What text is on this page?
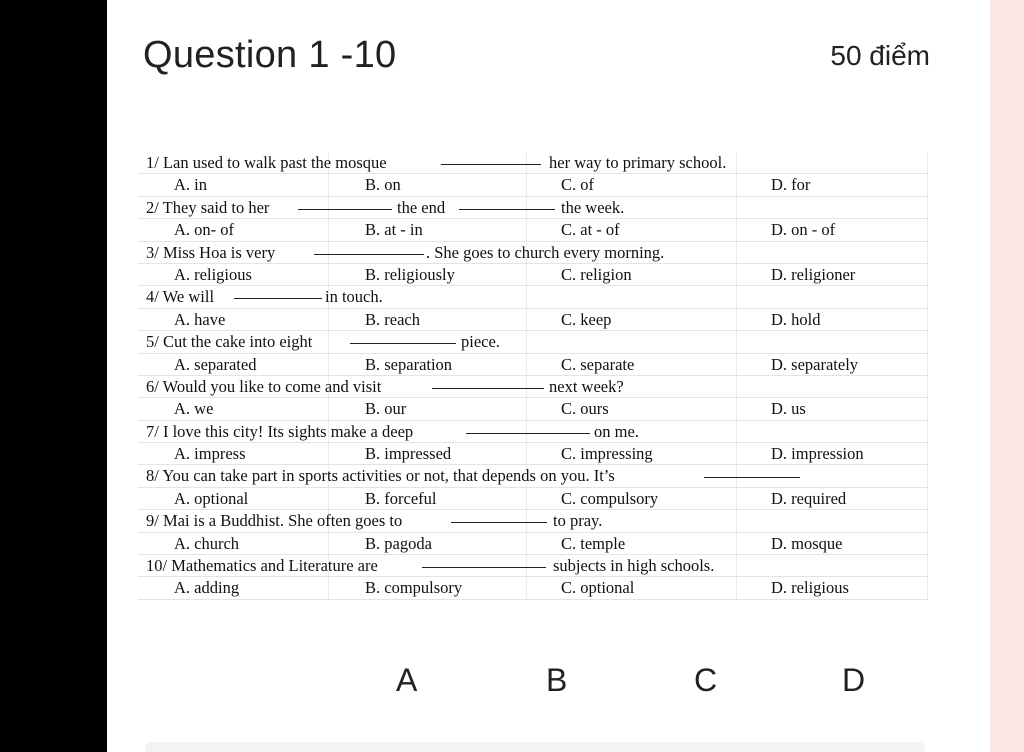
Question 1 -10	50 điểm
1/ Lan used to walk past the mosque	her way to primary school.
A. in	B. on	C. of	D. for
2/ They said to her	the end	the week.
A. on- of	B. at - in	C. at - of	D. on - of
3/ Miss Hoa is very	. She goes to church every morning.
A. religious	B. religiously	C. religion	D. religioner
4/ We will	in touch.
A. have	B. reach	C. keep	D. hold
5/ Cut the cake into eight	piece.
A. separated	B. separation	C. separate	D. separately
6/ Would you like to come and visit	next week?
A. we	B. our	C. ours	D. us
7/ I love this city! Its sights make a deep	on me.
A. impress	B. impressed	C. impressing	D. impression
8/ You can take part in sports activities or not, that depends on you. It’s
A. optional	B. forceful	C. compulsory	D. required
9/ Mai is a Buddhist. She often goes to	to pray.
A. church	B. pagoda	C. temple	D. mosque
10/ Mathematics and Literature are	subjects in high schools.
A. adding	B. compulsory	C. optional	D. religious
A	B	C	D
